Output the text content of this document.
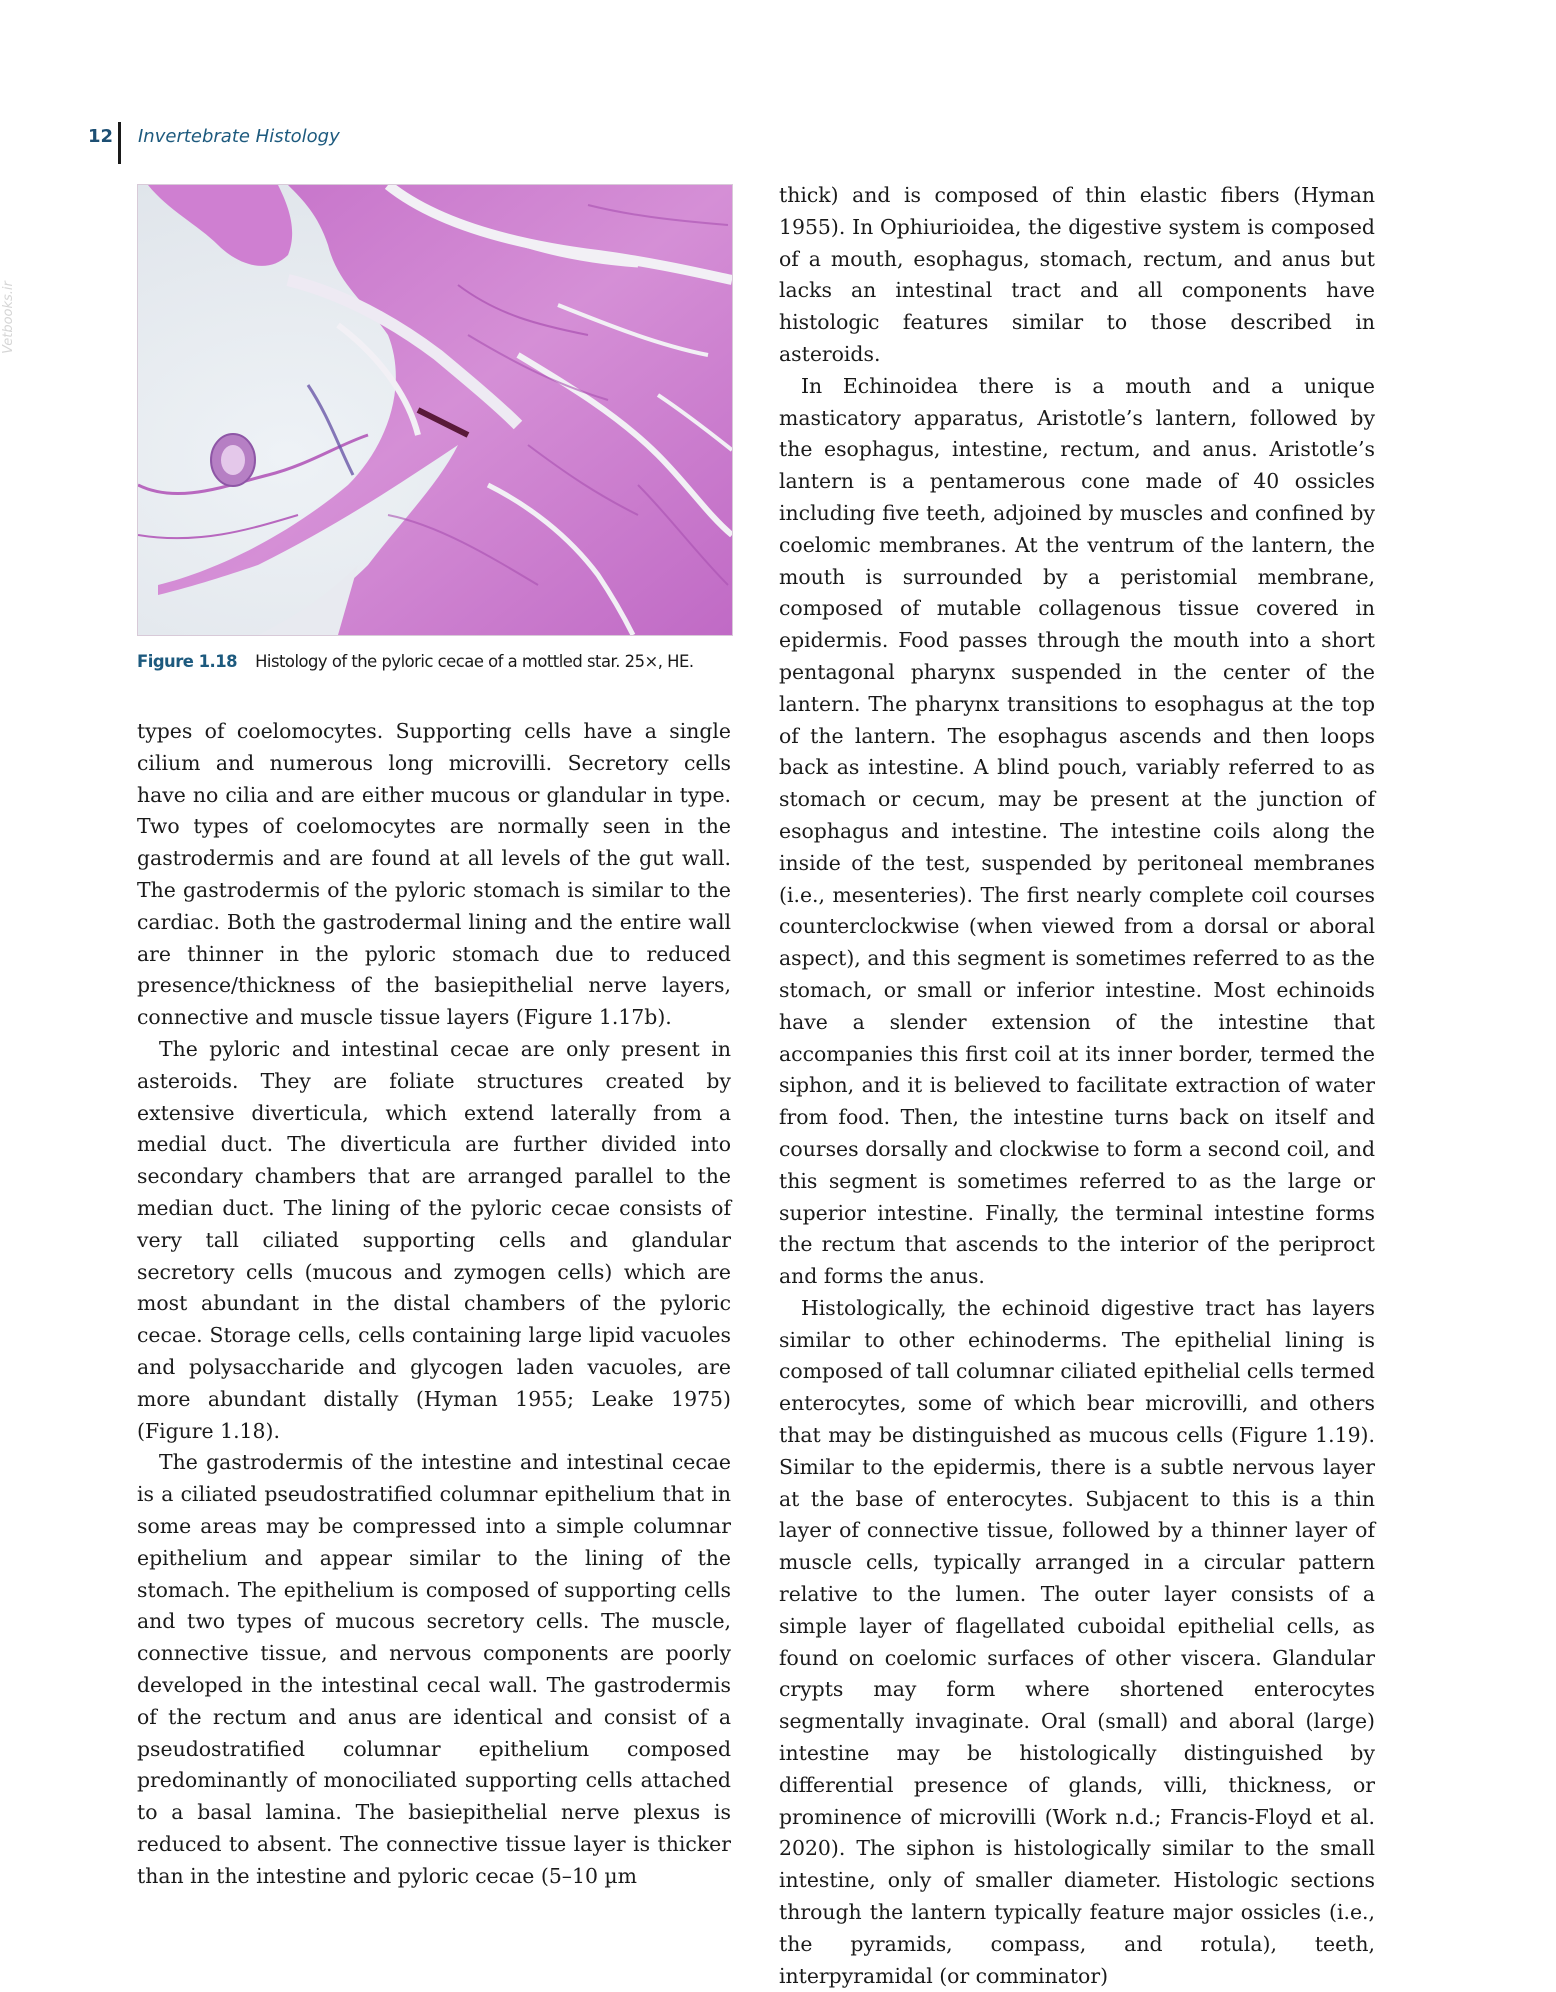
12 Invertebrate Histology
Vetbooks.ir
Figure 1.18 Histology of the pyloric cecae of a mottled star. 25×, HE.

types of coelomocytes. Supporting cells have a single cilium and numerous long microvilli. Secretory cells have no cilia and are either mucous or glandular in type. Two types of coelomocytes are normally seen in the gastrodermis and are found at all levels of the gut wall. The gastrodermis of the pyloric stomach is similar to the cardiac. Both the gastrodermal lining and the entire wall are thinner in the pyloric stomach due to reduced presence/thickness of the basiepithelial nerve layers, connective and muscle tissue layers (Figure 1.17b).

The pyloric and intestinal cecae are only present in asteroids. They are foliate structures created by extensive diverticula, which extend laterally from a medial duct. The diverticula are further divided into secondary chambers that are arranged parallel to the median duct. The lining of the pyloric cecae consists of very tall ciliated supporting cells and glandular secretory cells (mucous and zymogen cells) which are most abundant in the distal chambers of the pyloric cecae. Storage cells, cells containing large lipid vacuoles and polysaccharide and glycogen laden vacuoles, are more abundant distally (Hyman 1955; Leake 1975) (Figure 1.18).

The gastrodermis of the intestine and intestinal cecae is a ciliated pseudostratified columnar epithelium that in some areas may be compressed into a simple columnar epithelium and appear similar to the lining of the stomach. The epithelium is composed of supporting cells and two types of mucous secretory cells. The muscle, connective tissue, and nervous components are poorly developed in the intestinal cecal wall. The gastrodermis of the rectum and anus are identical and consist of a pseudostratified columnar epithelium composed predominantly of monociliated supporting cells attached to a basal lamina. The basiepithelial nerve plexus is reduced to absent. The connective tissue layer is thicker than in the intestine and pyloric cecae (5–10 µm

thick) and is composed of thin elastic fibers (Hyman 1955). In Ophiurioidea, the digestive system is composed of a mouth, esophagus, stomach, rectum, and anus but lacks an intestinal tract and all components have histologic features similar to those described in asteroids.

In Echinoidea there is a mouth and a unique masticatory apparatus, Aristotle’s lantern, followed by the esophagus, intestine, rectum, and anus. Aristotle’s lantern is a pentamerous cone made of 40 ossicles including five teeth, adjoined by muscles and confined by coelomic membranes. At the ventrum of the lantern, the mouth is surrounded by a peristomial membrane, composed of mutable collagenous tissue covered in epidermis. Food passes through the mouth into a short pentagonal pharynx suspended in the center of the lantern. The pharynx transitions to esophagus at the top of the lantern. The esophagus ascends and then loops back as intestine. A blind pouch, variably referred to as stomach or cecum, may be present at the junction of esophagus and intestine. The intestine coils along the inside of the test, suspended by peritoneal membranes (i.e., mesenteries). The first nearly complete coil courses counterclockwise (when viewed from a dorsal or aboral aspect), and this segment is sometimes referred to as the stomach, or small or inferior intestine. Most echinoids have a slender extension of the intestine that accompanies this first coil at its inner border, termed the siphon, and it is believed to facilitate extraction of water from food. Then, the intestine turns back on itself and courses dorsally and clockwise to form a second coil, and this segment is sometimes referred to as the large or superior intestine. Finally, the terminal intestine forms the rectum that ascends to the interior of the periproct and forms the anus.

Histologically, the echinoid digestive tract has layers similar to other echinoderms. The epithelial lining is composed of tall columnar ciliated epithelial cells termed enterocytes, some of which bear microvilli, and others that may be distinguished as mucous cells (Figure 1.19). Similar to the epidermis, there is a subtle nervous layer at the base of enterocytes. Subjacent to this is a thin layer of connective tissue, followed by a thinner layer of muscle cells, typically arranged in a circular pattern relative to the lumen. The outer layer consists of a simple layer of flagellated cuboidal epithelial cells, as found on coelomic surfaces of other viscera. Glandular crypts may form where shortened enterocytes segmentally invaginate. Oral (small) and aboral (large) intestine may be histologically distinguished by differential presence of glands, villi, thickness, or prominence of microvilli (Work n.d.; Francis-Floyd et al. 2020). The siphon is histologically similar to the small intestine, only of smaller diameter. Histologic sections through the lantern typically feature major ossicles (i.e., the pyramids, compass, and rotula), teeth, interpyramidal (or comminator)
